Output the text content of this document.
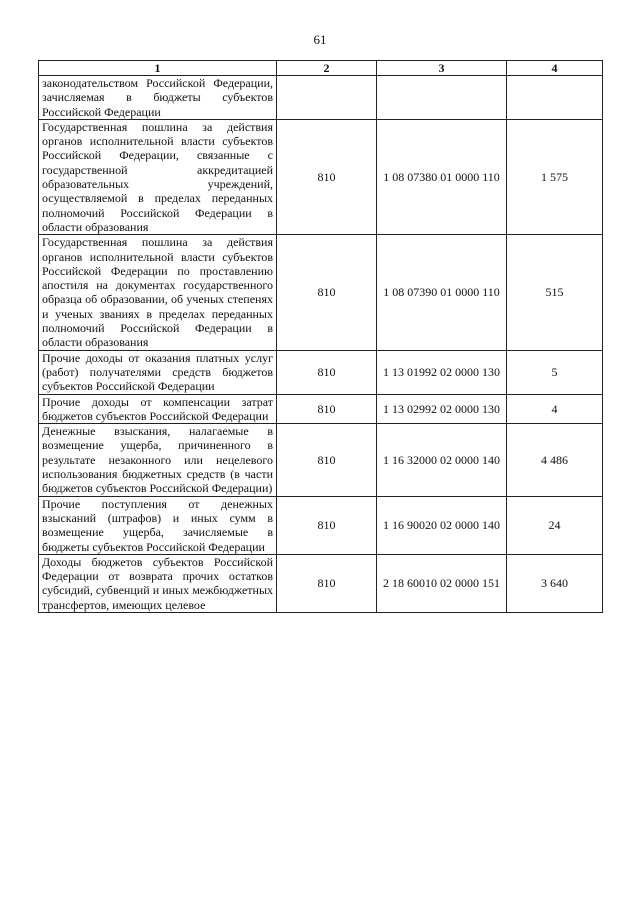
61
1	2	3	4
законодательством Российской Федерации, зачисляемая в бюджеты субъектов Российской Федерации			
Государственная пошлина за действия органов исполнительной власти субъектов Российской Федерации, связанные с государственной аккредитацией образовательных учреждений, осуществляемой в пределах переданных полномочий Российской Федерации в области образования	810	1 08 07380 01 0000 110	1 575
Государственная пошлина за действия органов исполнительной власти субъектов Российской Федерации по проставлению апостиля на документах государственного образца об образовании, об ученых степенях и ученых званиях в пределах переданных полномочий Российской Федерации в области образования	810	1 08 07390 01 0000 110	515
Прочие доходы от оказания платных услуг (работ) получателями средств бюджетов субъектов Российской Федерации	810	1 13 01992 02 0000 130	5
Прочие доходы от компенсации затрат бюджетов субъектов Российской Федерации	810	1 13 02992 02 0000 130	4
Денежные взыскания, налагаемые в возмещение ущерба, причиненного в результате незаконного или нецелевого использования бюджетных средств (в части бюджетов субъектов Российской Федерации)	810	1 16 32000 02 0000 140	4 486
Прочие поступления от денежных взысканий (штрафов) и иных сумм в возмещение ущерба, зачисляемые в бюджеты субъектов Российской Федерации	810	1 16 90020 02 0000 140	24
Доходы бюджетов субъектов Российской Федерации от возврата прочих остатков субсидий, субвенций и иных межбюджетных трансфертов, имеющих целевое	810	2 18 60010 02 0000 151	3 640
